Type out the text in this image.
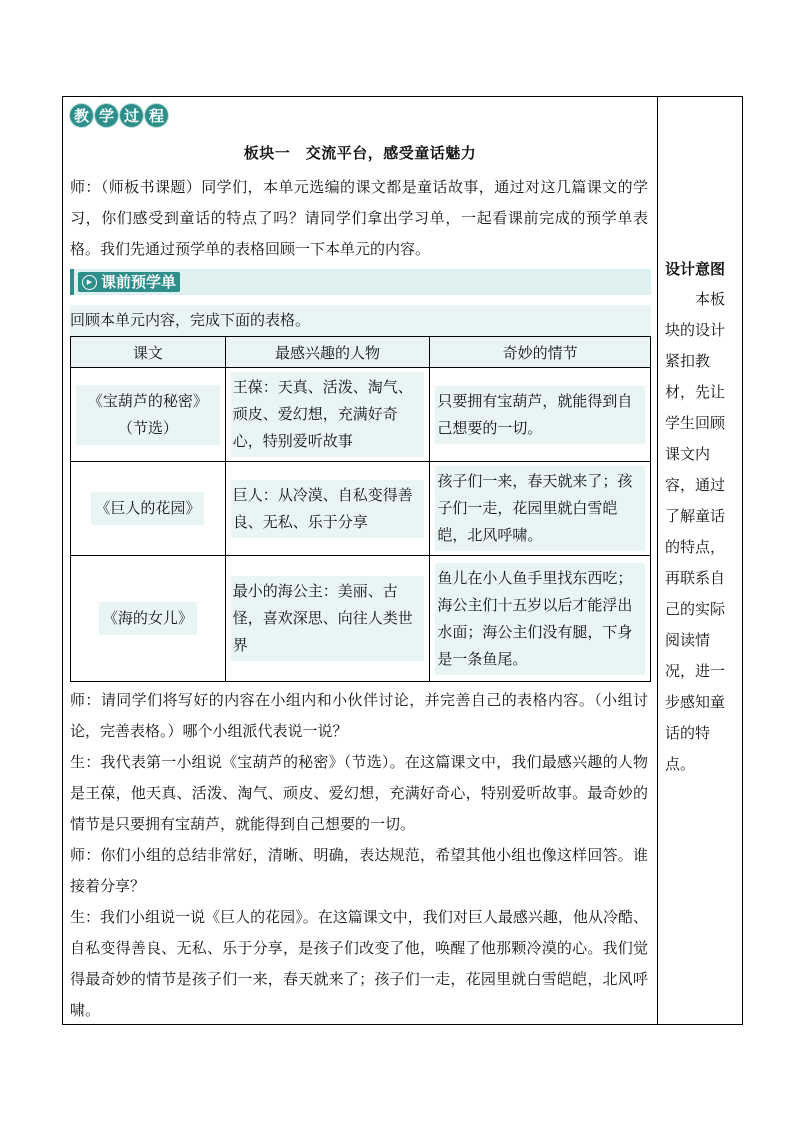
教 学 过 程
板块一　交流平台，感受童话魅力
师：（师板书课题）同学们，本单元选编的课文都是童话故事，通过对这几篇课文的学习，你们感受到童话的特点了吗？请同学们拿出学习单，一起看课前完成的预学单表格。我们先通过预学单的表格回顾一下本单元的内容。
▶ 课前预学单
回顾本单元内容，完成下面的表格。
课文	最感兴趣的人物	奇妙的情节
《宝葫芦的秘密》（节选）	王葆：天真、活泼、淘气、顽皮、爱幻想，充满好奇心，特别爱听故事	只要拥有宝葫芦，就能得到自己想要的一切。

《巨人的花园》	巨人：从冷漠、自私变得善良、无私、乐于分享	孩子们一来，春天就来了；孩子们一走，花园里就白雪皑皑，北风呼啸。

《海的女儿》	最小的海公主：美丽、古怪，喜欢深思、向往人类世界	鱼儿在小人鱼手里找东西吃；海公主们十五岁以后才能浮出水面；海公主们没有腿，下身是一条鱼尾。
师：请同学们将写好的内容在小组内和小伙伴讨论，并完善自己的表格内容。（小组讨论，完善表格。）哪个小组派代表说一说？
生：我代表第一小组说《宝葫芦的秘密》（节选）。在这篇课文中，我们最感兴趣的人物是王葆，他天真、活泼、淘气、顽皮、爱幻想，充满好奇心，特别爱听故事。最奇妙的情节是只要拥有宝葫芦，就能得到自己想要的一切。
师：你们小组的总结非常好，清晰、明确，表达规范，希望其他小组也像这样回答。谁接着分享？
生：我们小组说一说《巨人的花园》。在这篇课文中，我们对巨人最感兴趣，他从冷酷、自私变得善良、无私、乐于分享，是孩子们改变了他，唤醒了他那颗冷漠的心。我们觉得最奇妙的情节是孩子们一来，春天就来了；孩子们一走，花园里就白雪皑皑，北风呼啸。
设计意图
本板块的设计紧扣教材，先让学生回顾课文内容，通过了解童话的特点，再联系自己的实际阅读情况，进一步感知童话的特点。
